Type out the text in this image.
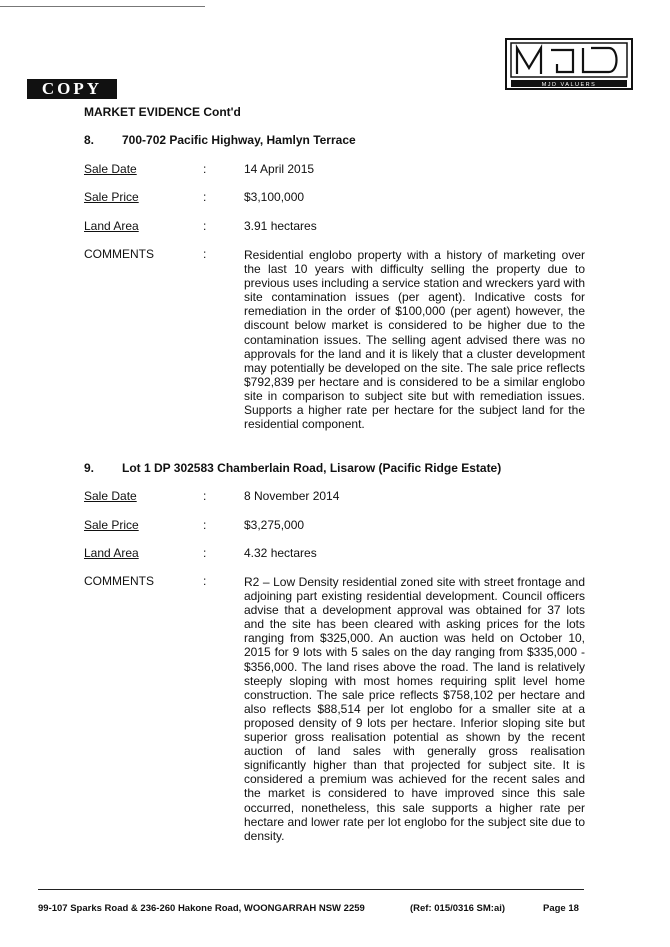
COPY	MJD VALUERS
MARKET EVIDENCE Cont'd
8. 700-702 Pacific Highway, Hamlyn Terrace
Sale Date	:	14 April 2015
Sale Price	:	$3,100,000
Land Area	:	3.91 hectares
COMMENTS	:	Residential englobo property with a history of marketing over the last 10 years with difficulty selling the property due to previous uses including a service station and wreckers yard with site contamination issues (per agent). Indicative costs for remediation in the order of $100,000 (per agent) however, the discount below market is considered to be higher due to the contamination issues. The selling agent advised there was no approvals for the land and it is likely that a cluster development may potentially be developed on the site. The sale price reflects $792,839 per hectare and is considered to be a similar englobo site in comparison to subject site but with remediation issues. Supports a higher rate per hectare for the subject land for the residential component.

9. Lot 1 DP 302583 Chamberlain Road, Lisarow (Pacific Ridge Estate)
Sale Date	:	8 November 2014
Sale Price	:	$3,275,000
Land Area	:	4.32 hectares
COMMENTS	:	R2 – Low Density residential zoned site with street frontage and adjoining part existing residential development. Council officers advise that a development approval was obtained for 37 lots and the site has been cleared with asking prices for the lots ranging from $325,000. An auction was held on October 10, 2015 for 9 lots with 5 sales on the day ranging from $335,000 - $356,000. The land rises above the road. The land is relatively steeply sloping with most homes requiring split level home construction. The sale price reflects $758,102 per hectare and also reflects $88,514 per lot englobo for a smaller site at a proposed density of 9 lots per hectare. Inferior sloping site but superior gross realisation potential as shown by the recent auction of land sales with generally gross realisation significantly higher than that projected for subject site. It is considered a premium was achieved for the recent sales and the market is considered to have improved since this sale occurred, nonetheless, this sale supports a higher rate per hectare and lower rate per lot englobo for the subject site due to density.

99-107 Sparks Road & 236-260 Hakone Road, WOONGARRAH NSW 2259	(Ref: 015/0316 SM:ai)	Page 18
